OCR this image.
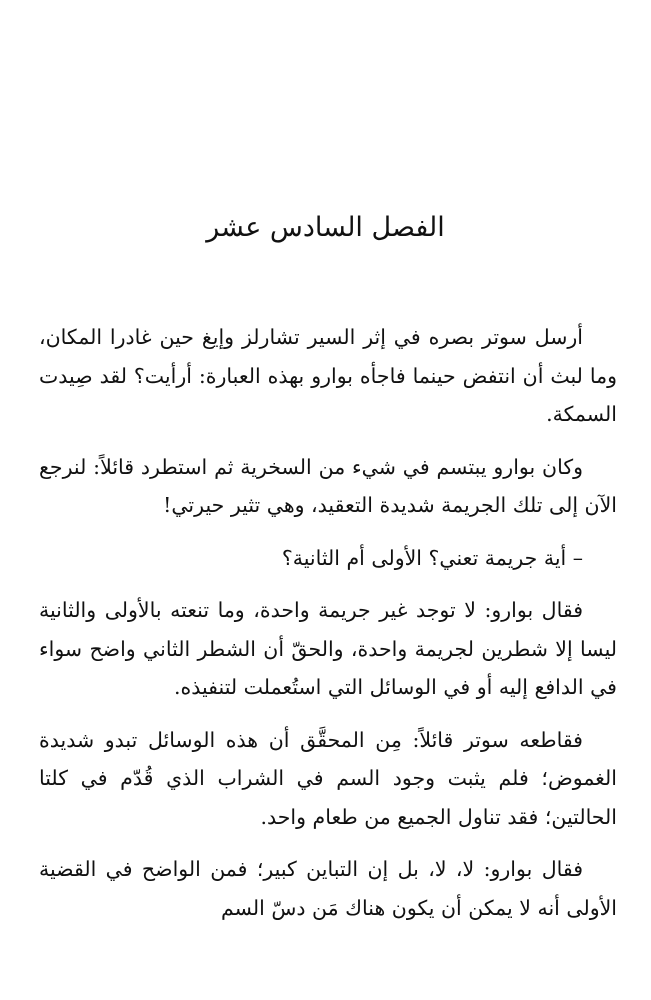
الفصل السادس عشر

أرسل سوتر بصره في إثر السير تشارلز وإيغ حين غادرا المكان، وما لبث أن انتفض حينما فاجأه بوارو بهذه العبارة: أرأيت؟ لقد صِيدت السمكة.

وكان بوارو يبتسم في شيء من السخرية ثم استطرد قائلاً: لنرجع الآن إلى تلك الجريمة شديدة التعقيد، وهي تثير حيرتي!

– أية جريمة تعني؟ الأولى أم الثانية؟

فقال بوارو: لا توجد غير جريمة واحدة، وما تنعته بالأولى والثانية ليسا إلا شطرين لجريمة واحدة، والحقّ أن الشطر الثاني واضح سواء في الدافع إليه أو في الوسائل التي استُعملت لتنفيذه.

فقاطعه سوتر قائلاً: مِن المحقَّق أن هذه الوسائل تبدو شديدة الغموض؛ فلم يثبت وجود السم في الشراب الذي قُدّم في كلتا الحالتين؛ فقد تناول الجميع من طعام واحد.

فقال بوارو: لا، لا، بل إن التباين كبير؛ فمن الواضح في القضية الأولى أنه لا يمكن أن يكون هناك مَن دسّ السم
